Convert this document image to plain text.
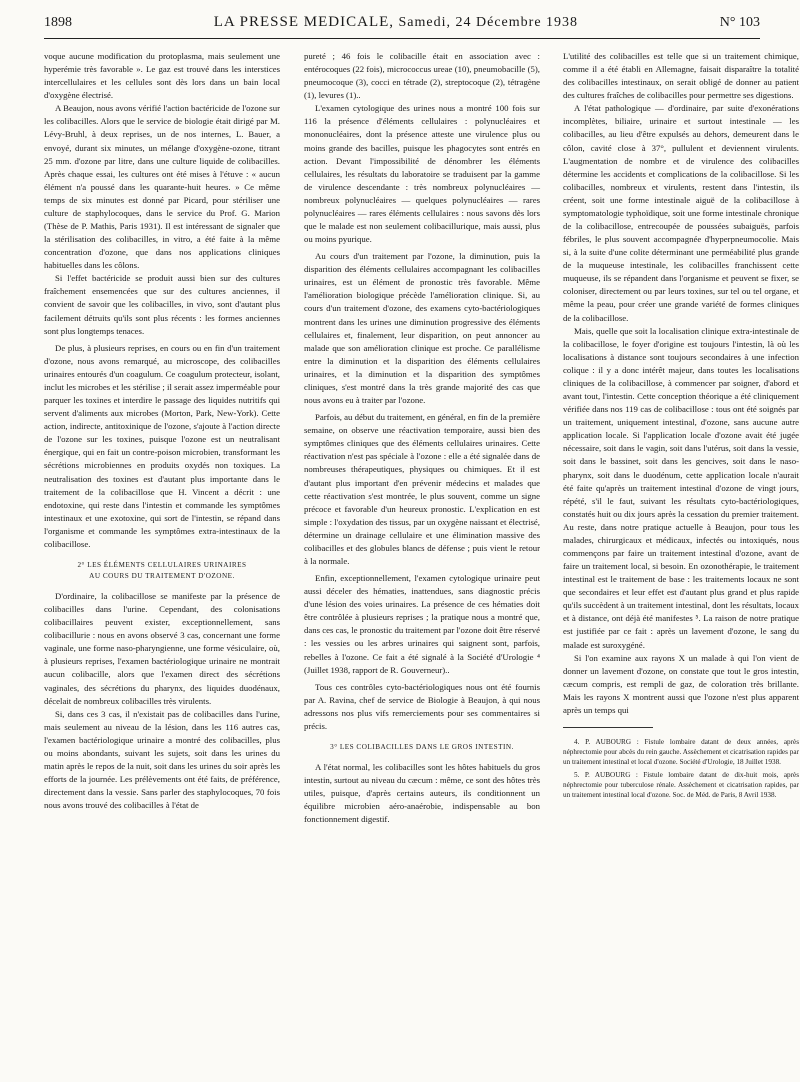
1898	LA PRESSE MEDICALE, Samedi, 24 Décembre 1938	N° 103

voque aucune modification du protoplasma, mais seulement une hyperémie très favorable ». Le gaz est trouvé dans les interstices intercellulaires et les cellules sont dès lors dans un bain local d'oxygène électrisé.

A Beaujon, nous avons vérifié l'action bactéricide de l'ozone sur les colibacilles. Alors que le service de biologie était dirigé par M. Lévy-Bruhl, à deux reprises, un de nos internes, L. Bauer, a envoyé, durant six minutes, un mélange d'oxygène-ozone, titrant 25 mm. d'ozone par litre, dans une culture liquide de colibacilles. Après chaque essai, les cultures ont été mises à l'étuve : « aucun élément n'a poussé dans les quarante-huit heures. » Ce même temps de six minutes est donné par Picard, pour stériliser une culture de staphylocoques, dans le service du Prof. G. Marion (Thèse de P. Mathis, Paris 1931). Il est intéressant de signaler que la stérilisation des colibacilles, in vitro, a été faite à la même concentration d'ozone, que dans nos applications cliniques habituelles dans les côlons.

Si l'effet bactéricide se produit aussi bien sur des cultures fraîchement ensemencées que sur des cultures anciennes, il convient de savoir que les colibacilles, in vivo, sont d'autant plus facilement détruits qu'ils sont plus récents : les formes anciennes sont plus longtemps tenaces.

De plus, à plusieurs reprises, en cours ou en fin d'un traitement d'ozone, nous avons remarqué, au microscope, des colibacilles urinaires entourés d'un coagulum. Ce coagulum protecteur, isolant, inclut les microbes et les stérilise ; il serait assez imperméable pour parquer les toxines et interdire le passage des liquides nutritifs qui servent d'aliments aux microbes (Morton, Park, New-York). Cette action, indirecte, antitoxinique de l'ozone, s'ajoute à l'action directe de l'ozone sur les toxines, puisque l'ozone est un neutralisant énergique, qui en fait un contre-poison microbien, transformant les sécrétions microbiennes en produits oxydés non toxiques. La neutralisation des toxines est d'autant plus importante dans le traitement de la colibacillose que H. Vincent a décrit : une endotoxine, qui reste dans l'intestin et commande les symptômes intestinaux et une exotoxine, qui sort de l'intestin, se répand dans l'organisme et commande les symptômes extra-intestinaux de la colibacillose.

2° LES ÉLÉMENTS CELLULAIRES URINAIRES
AU COURS DU TRAITEMENT D'OZONE.

D'ordinaire, la colibacillose se manifeste par la présence de colibacilles dans l'urine. Cependant, des colonisations colibacillaires peuvent exister, exceptionnellement, sans colibacillurie : nous en avons observé 3 cas, concernant une forme vaginale, une forme naso-pharyngienne, une forme vésiculaire, où, à plusieurs reprises, l'examen bactériologique urinaire ne montrait aucun colibacille, alors que l'examen direct des sécrétions vaginales, des sécrétions du pharynx, des liquides duodénaux, décelait de nombreux colibacilles très virulents.

Si, dans ces 3 cas, il n'existait pas de colibacilles dans l'urine, mais seulement au niveau de la lésion, dans les 116 autres cas, l'examen bactériologique urinaire a montré des colibacilles, plus ou moins abondants, suivant les sujets, soit dans les urines du matin après le repos de la nuit, soit dans les urines du soir après les efforts de la journée. Les prélèvements ont été faits, de préférence, directement dans la vessie. Sans parler des staphylocoques, 70 fois nous avons trouvé des colibacilles à l'état de

pureté ; 46 fois le colibacille était en association avec : entérocoques (22 fois), micrococcus ureae (10), pneumobacille (5), pneumocoque (3), cocci en tétrade (2), streptocoque (2), tétragène (1), levures (1)..

L'examen cytologique des urines nous a montré 100 fois sur 116 la présence d'éléments cellulaires : polynucléaires et mononucléaires, dont la présence atteste une virulence plus ou moins grande des bacilles, puisque les phagocytes sont entrés en action. Devant l'impossibilité de dénombrer les éléments cellulaires, les résultats du laboratoire se traduisent par la gamme de virulence descendante : très nombreux polynucléaires — nombreux polynucléaires — quelques polynucléaires — rares polynucléaires — rares éléments cellulaires : nous savons dès lors que le malade est non seulement colibacillurique, mais aussi, plus ou moins pyurique.

Au cours d'un traitement par l'ozone, la diminution, puis la disparition des éléments cellulaires accompagnant les colibacilles urinaires, est un élément de pronostic très favorable. Même l'amélioration biologique précède l'amélioration clinique. Si, au cours d'un traitement d'ozone, des examens cyto-bactériologiques montrent dans les urines une diminution progressive des éléments cellulaires et, finalement, leur disparition, on peut annoncer au malade que son amélioration clinique est proche. Ce parallélisme entre la diminution et la disparition des éléments cellulaires urinaires, et la diminution et la disparition des symptômes cliniques, s'est montré dans la très grande majorité des cas que nous avons eu à traiter par l'ozone.

Parfois, au début du traitement, en général, en fin de la première semaine, on observe une réactivation temporaire, aussi bien des symptômes cliniques que des éléments cellulaires urinaires. Cette réactivation n'est pas spéciale à l'ozone : elle a été signalée dans de nombreuses thérapeutiques, physiques ou chimiques. Et il est d'autant plus important d'en prévenir médecins et malades que cette réactivation s'est montrée, le plus souvent, comme un signe précoce et favorable d'un heureux pronostic. L'explication en est simple : l'oxydation des tissus, par un oxygène naissant et électrisé, détermine un drainage cellulaire et une élimination massive des colibacilles et des globules blancs de défense ; puis vient le retour à la normale.

Enfin, exceptionnellement, l'examen cytologique urinaire peut aussi déceler des hématies, inattendues, sans diagnostic précis d'une lésion des voies urinaires. La présence de ces hématies doit être contrôlée à plusieurs reprises ; la pratique nous a montré que, dans ces cas, le pronostic du traitement par l'ozone doit être réservé : les vessies ou les arbres urinaires qui saignent sont, parfois, rebelles à l'ozone. Ce fait a été signalé à la Société d'Urologie ⁴ (Juillet 1938, rapport de R. Gouverneur)..

Tous ces contrôles cyto-bactériologiques nous ont été fournis par A. Ravina, chef de service de Biologie à Beaujon, à qui nous adressons nos plus vifs remerciements pour ses commentaires si précis.

3° LES COLIBACILLES DANS LE GROS INTESTIN.

A l'état normal, les colibacilles sont les hôtes habituels du gros intestin, surtout au niveau du cæcum : même, ce sont des hôtes très utiles, puisque, d'après certains auteurs, ils conditionnent un équilibre microbien aéro-anaérobie, indispensable au bon fonctionnement digestif.

L'utilité des colibacilles est telle que si un traitement chimique, comme il a été établi en Allemagne, faisait disparaître la totalité des colibacilles intestinaux, on serait obligé de donner au patient des cultures fraîches de colibacilles pour permettre ses digestions.

A l'état pathologique — d'ordinaire, par suite d'exonérations incomplètes, biliaire, urinaire et surtout intestinale — les colibacilles, au lieu d'être expulsés au dehors, demeurent dans le côlon, cavité close à 37°, pullulent et deviennent virulents. L'augmentation de nombre et de virulence des colibacilles détermine les accidents et complications de la colibacillose. Si les colibacilles, nombreux et virulents, restent dans l'intestin, ils créent, soit une forme intestinale aiguë de la colibacillose à symptomatologie typhoïdique, soit une forme intestinale chronique de la colibacillose, entrecoupée de poussées subaiguës, parfois fébriles, le plus souvent accompagnée d'hyperpneumocolie. Mais si, à la suite d'une colite déterminant une perméabilité plus grande de la muqueuse intestinale, les colibacilles franchissent cette muqueuse, ils se répandent dans l'organisme et peuvent se fixer, se coloniser, directement ou par leurs toxines, sur tel ou tel organe, et même la peau, pour créer une grande variété de formes cliniques de la colibacillose.

Mais, quelle que soit la localisation clinique extra-intestinale de la colibacillose, le foyer d'origine est toujours l'intestin, là où les localisations à distance sont toujours secondaires à une infection colique : il y a donc intérêt majeur, dans toutes les localisations cliniques de la colibacillose, à commencer par soigner, d'abord et avant tout, l'intestin. Cette conception théorique a été cliniquement vérifiée dans nos 119 cas de colibacillose : tous ont été soignés par un traitement, uniquement intestinal, d'ozone, sans aucune autre application locale. Si l'application locale d'ozone avait été jugée nécessaire, soit dans le vagin, soit dans l'utérus, soit dans la vessie, soit dans le bassinet, soit dans les gencives, soit dans le naso-pharynx, soit dans le duodénum, cette application locale n'aurait été faite qu'après un traitement intestinal d'ozone de vingt jours, répété, s'il le faut, suivant les résultats cyto-bactériologiques, constatés huit ou dix jours après la cessation du premier traitement. Au reste, dans notre pratique actuelle à Beaujon, pour tous les malades, chirurgicaux et médicaux, infectés ou intoxiqués, nous commençons par faire un traitement intestinal d'ozone, avant de faire un traitement local, si besoin. En ozonothérapie, le traitement intestinal est le traitement de base : les traitements locaux ne sont que secondaires et leur effet est d'autant plus grand et plus rapide qu'ils succèdent à un traitement intestinal, dont les résultats, locaux et à distance, ont déjà été manifestes ⁵. La raison de notre pratique est justifiée par ce fait : après un lavement d'ozone, le sang du malade est suroxygéné.

Si l'on examine aux rayons X un malade à qui l'on vient de donner un lavement d'ozone, on constate que tout le gros intestin, cæcum compris, est rempli de gaz, de coloration très brillante. Mais les rayons X montrent aussi que l'ozone n'est plus apparent après un temps qui

4. P. AUBOURG : Fistule lombaire datant de deux années, après néphrectomie pour abcès du rein gauche. Assèchement et cicatrisation rapides par un traitement intestinal et local d'ozone. Société d'Urologie, 18 Juillet 1938.

5. P. AUBOURG : Fistule lombaire datant de dix-huit mois, après néphrectomie pour tuberculose rénale. Assèchement et cicatrisation rapides, par un traitement intestinal local d'ozone. Soc. de Méd. de Paris, 8 Avril 1938.
